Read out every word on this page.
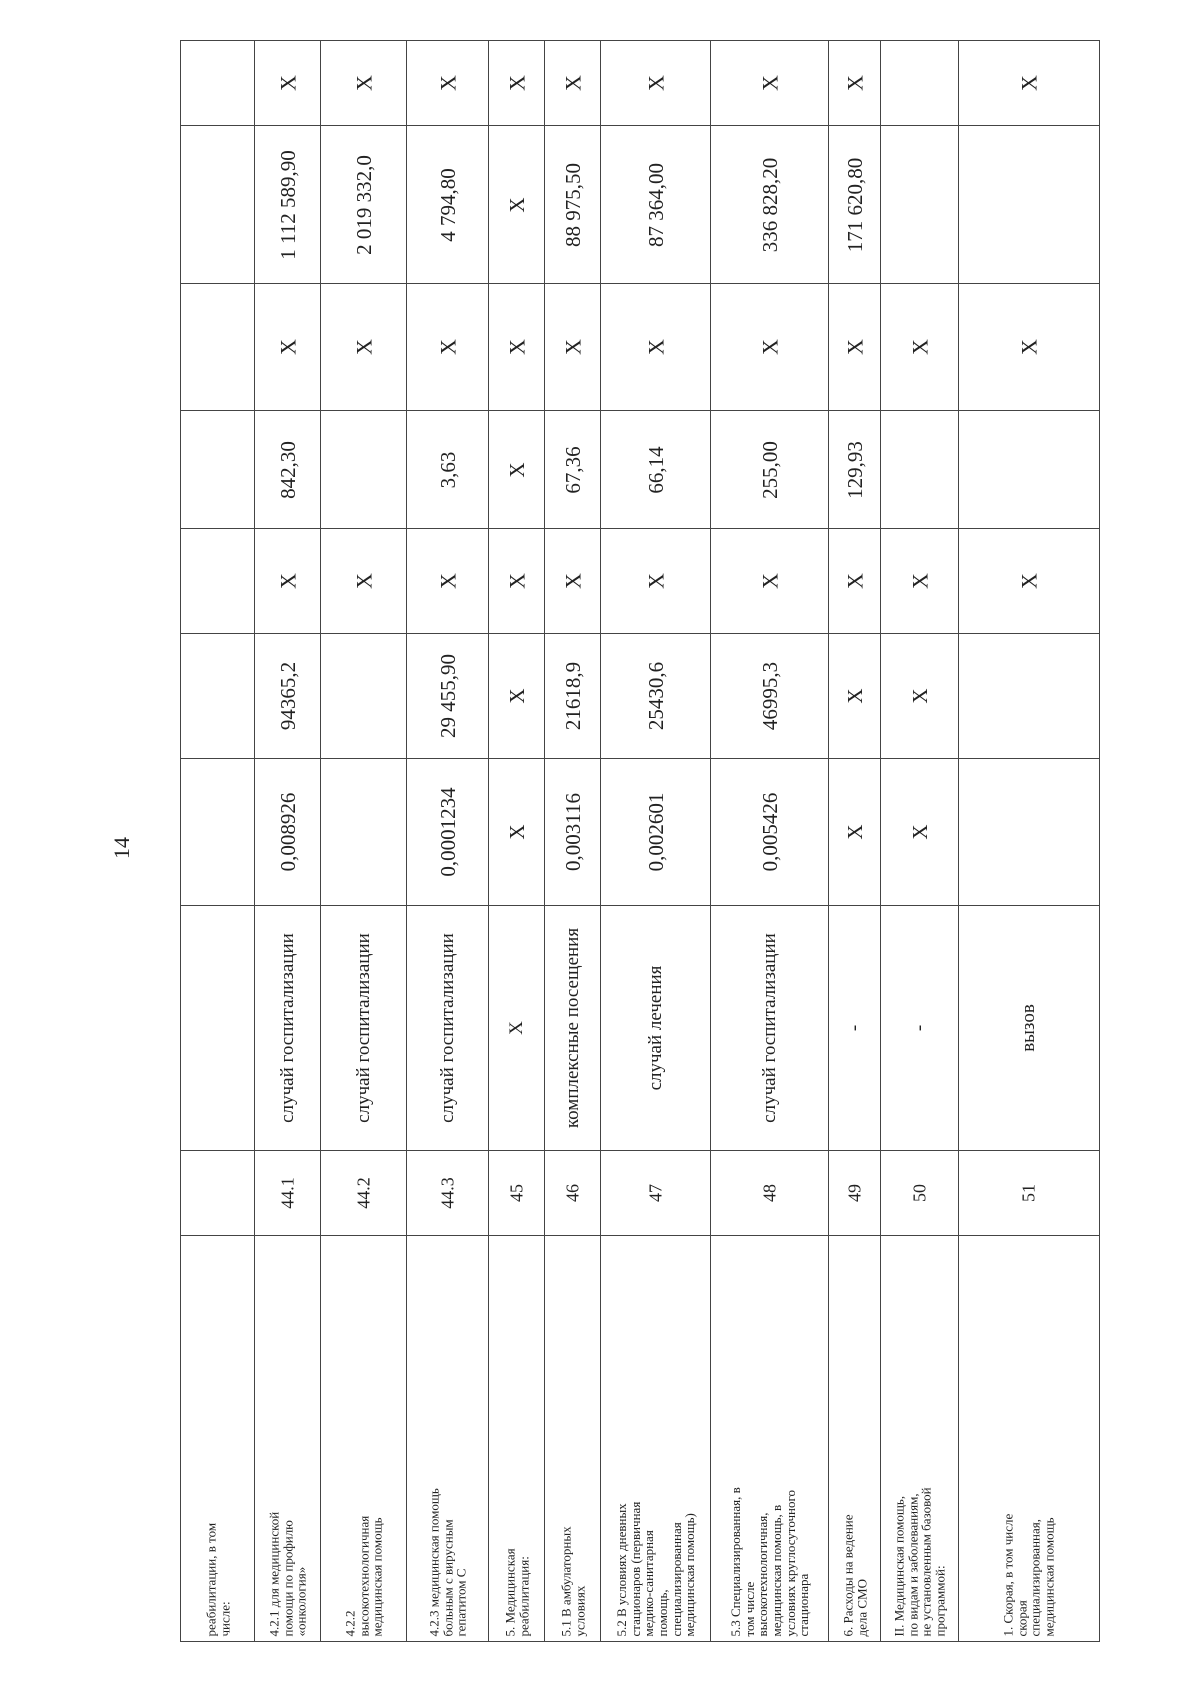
14
реабилитации, в том
числе:	4.2.1 для медицинской
помощи по профилю
«онкология»
44.1
случай госпитализации
0,008926
94365,2
X
842,30
X
1 112 589,90
X
4.2.2
высокотехнологичная
медицинская помощь
44.2
случай госпитализации
X
X
2 019 332,0
X
4.2.3 медицинская помощь
больным с вирусным
гепатитом С
44.3
случай госпитализации
0,0001234
29 455,90
X
3,63
X
4 794,80
X
5. Медицинская
реабилитация:
45
X
X
X
X
X
X
X
X
5.1 В амбулаторных
условиях
46
комплексные посещения
0,003116
21618,9
X
67,36
X
88 975,50
X
5.2 В условиях дневных
стационаров (первичная
медико-санитарная
помощь,
специализированная
медицинская помощь)
47
случай лечения
0,002601
25430,6
X
66,14
X
87 364,00
X
5.3 Специализированная, в
том числе
высокотехнологичная,
медицинская помощь, в
условиях круглосуточного
стационара
48
случай госпитализации
0,005426
46995,3
X
255,00
X
336 828,20
X
6. Расходы на ведение
дела СМО
49
-
X
X
X
129,93
X
171 620,80
X
II. Медицинская помощь,
по видам и заболеваниям,
не установленным базовой
программой:
50
-
X
X
X
X
1. Скорая, в том числе
скорая
специализированная,
медицинская помощь
51
вызов
X
X
X
